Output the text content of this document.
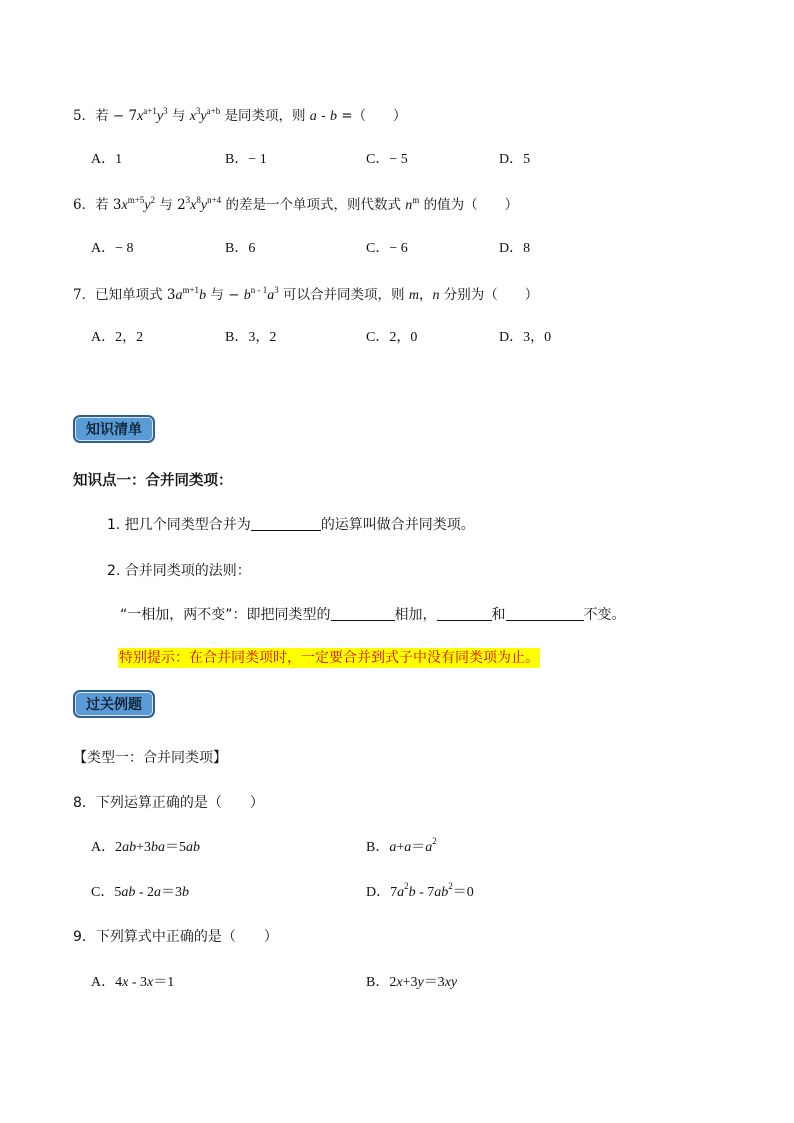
5．若 − $7x^{a+1}y^3$ 与 $x^3y^{a+b}$ 是同类项，则 a - b =（　　）
A．1	B．− 1	C．− 5	D．5
6．若 $3x^{m+5}y^2$ 与 $2^3x^8y^{n+4}$ 的差是一个单项式，则代数式 $n^m$ 的值为（　　）
A．− 8	B．6	C．− 6	D．8
7．已知单项式 $3a^{m+1}b$ 与 − $b^{n - 1}a^3$ 可以合并同类项，则 m，n 分别为（　　）
A．2，2	B．3，2	C．2，0	D．3，0
知识清单
知识点一：合并同类项：
1. 把几个同类型合并为	的运算叫做合并同类项。
2. 合并同类项的法则：
“一相加，两不变”：即把同类型的	相加，	和	不变。
特别提示：在合并同类项时，一定要合并到式子中没有同类项为止。
过关例题
【类型一：合并同类项】
8．下列运算正确的是（　　）
A．2ab+3ba＝5ab	B．$a+a=a^2$
C．5ab - 2a＝3b	D．$7a^2b - 7ab^2=0$
9．下列算式中正确的是（　　）
A．4x - 3x＝1	B．2x+3y＝3xy
